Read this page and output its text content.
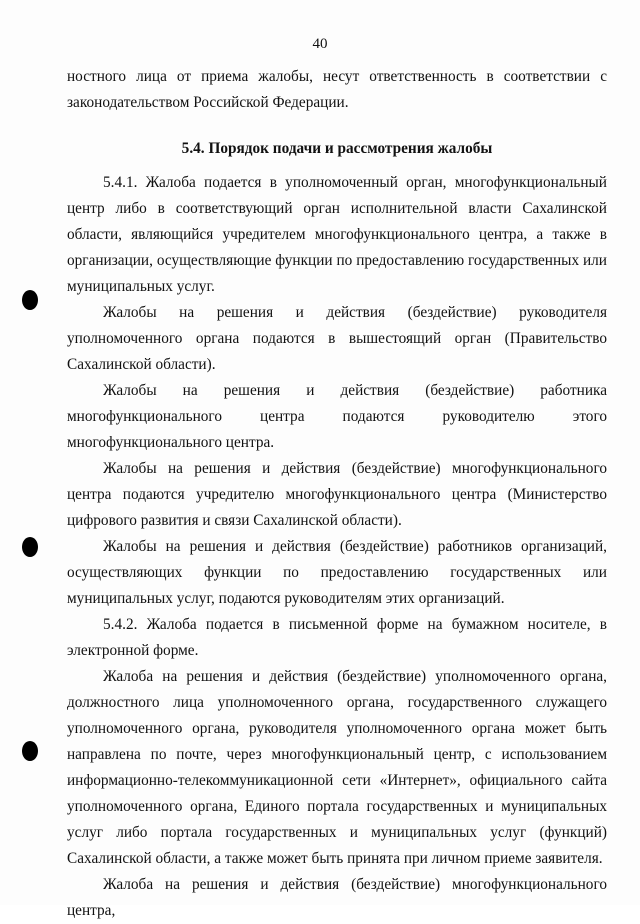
40

ностного лица от приема жалобы, несут ответственность в соответствии с законодательством Российской Федерации.

5.4. Порядок подачи и рассмотрения жалобы

5.4.1. Жалоба подается в уполномоченный орган, многофункциональный центр либо в соответствующий орган исполнительной власти Сахалинской области, являющийся учредителем многофункционального центра, а также в организации, осуществляющие функции по предоставлению государственных или муниципальных услуг.

Жалобы на решения и действия (бездействие) руководителя уполномоченного органа подаются в вышестоящий орган (Правительство Сахалинской области).

Жалобы на решения и действия (бездействие) работника многофункционального центра подаются руководителю этого многофункционального центра.

Жалобы на решения и действия (бездействие) многофункционального центра подаются учредителю многофункционального центра (Министерство цифрового развития и связи Сахалинской области).

Жалобы на решения и действия (бездействие) работников организаций, осуществляющих функции по предоставлению государственных или муниципальных услуг, подаются руководителям этих организаций.

5.4.2. Жалоба подается в письменной форме на бумажном носителе, в электронной форме.

Жалоба на решения и действия (бездействие) уполномоченного органа, должностного лица уполномоченного органа, государственного служащего уполномоченного органа, руководителя уполномоченного органа может быть направлена по почте, через многофункциональный центр, с использованием информационно-телекоммуникационной сети «Интернет», официального сайта уполномоченного органа, Единого портала государственных и муниципальных услуг либо портала государственных и муниципальных услуг (функций) Сахалинской области, а также может быть принята при личном приеме заявителя.

Жалоба на решения и действия (бездействие) многофункционального центра,
